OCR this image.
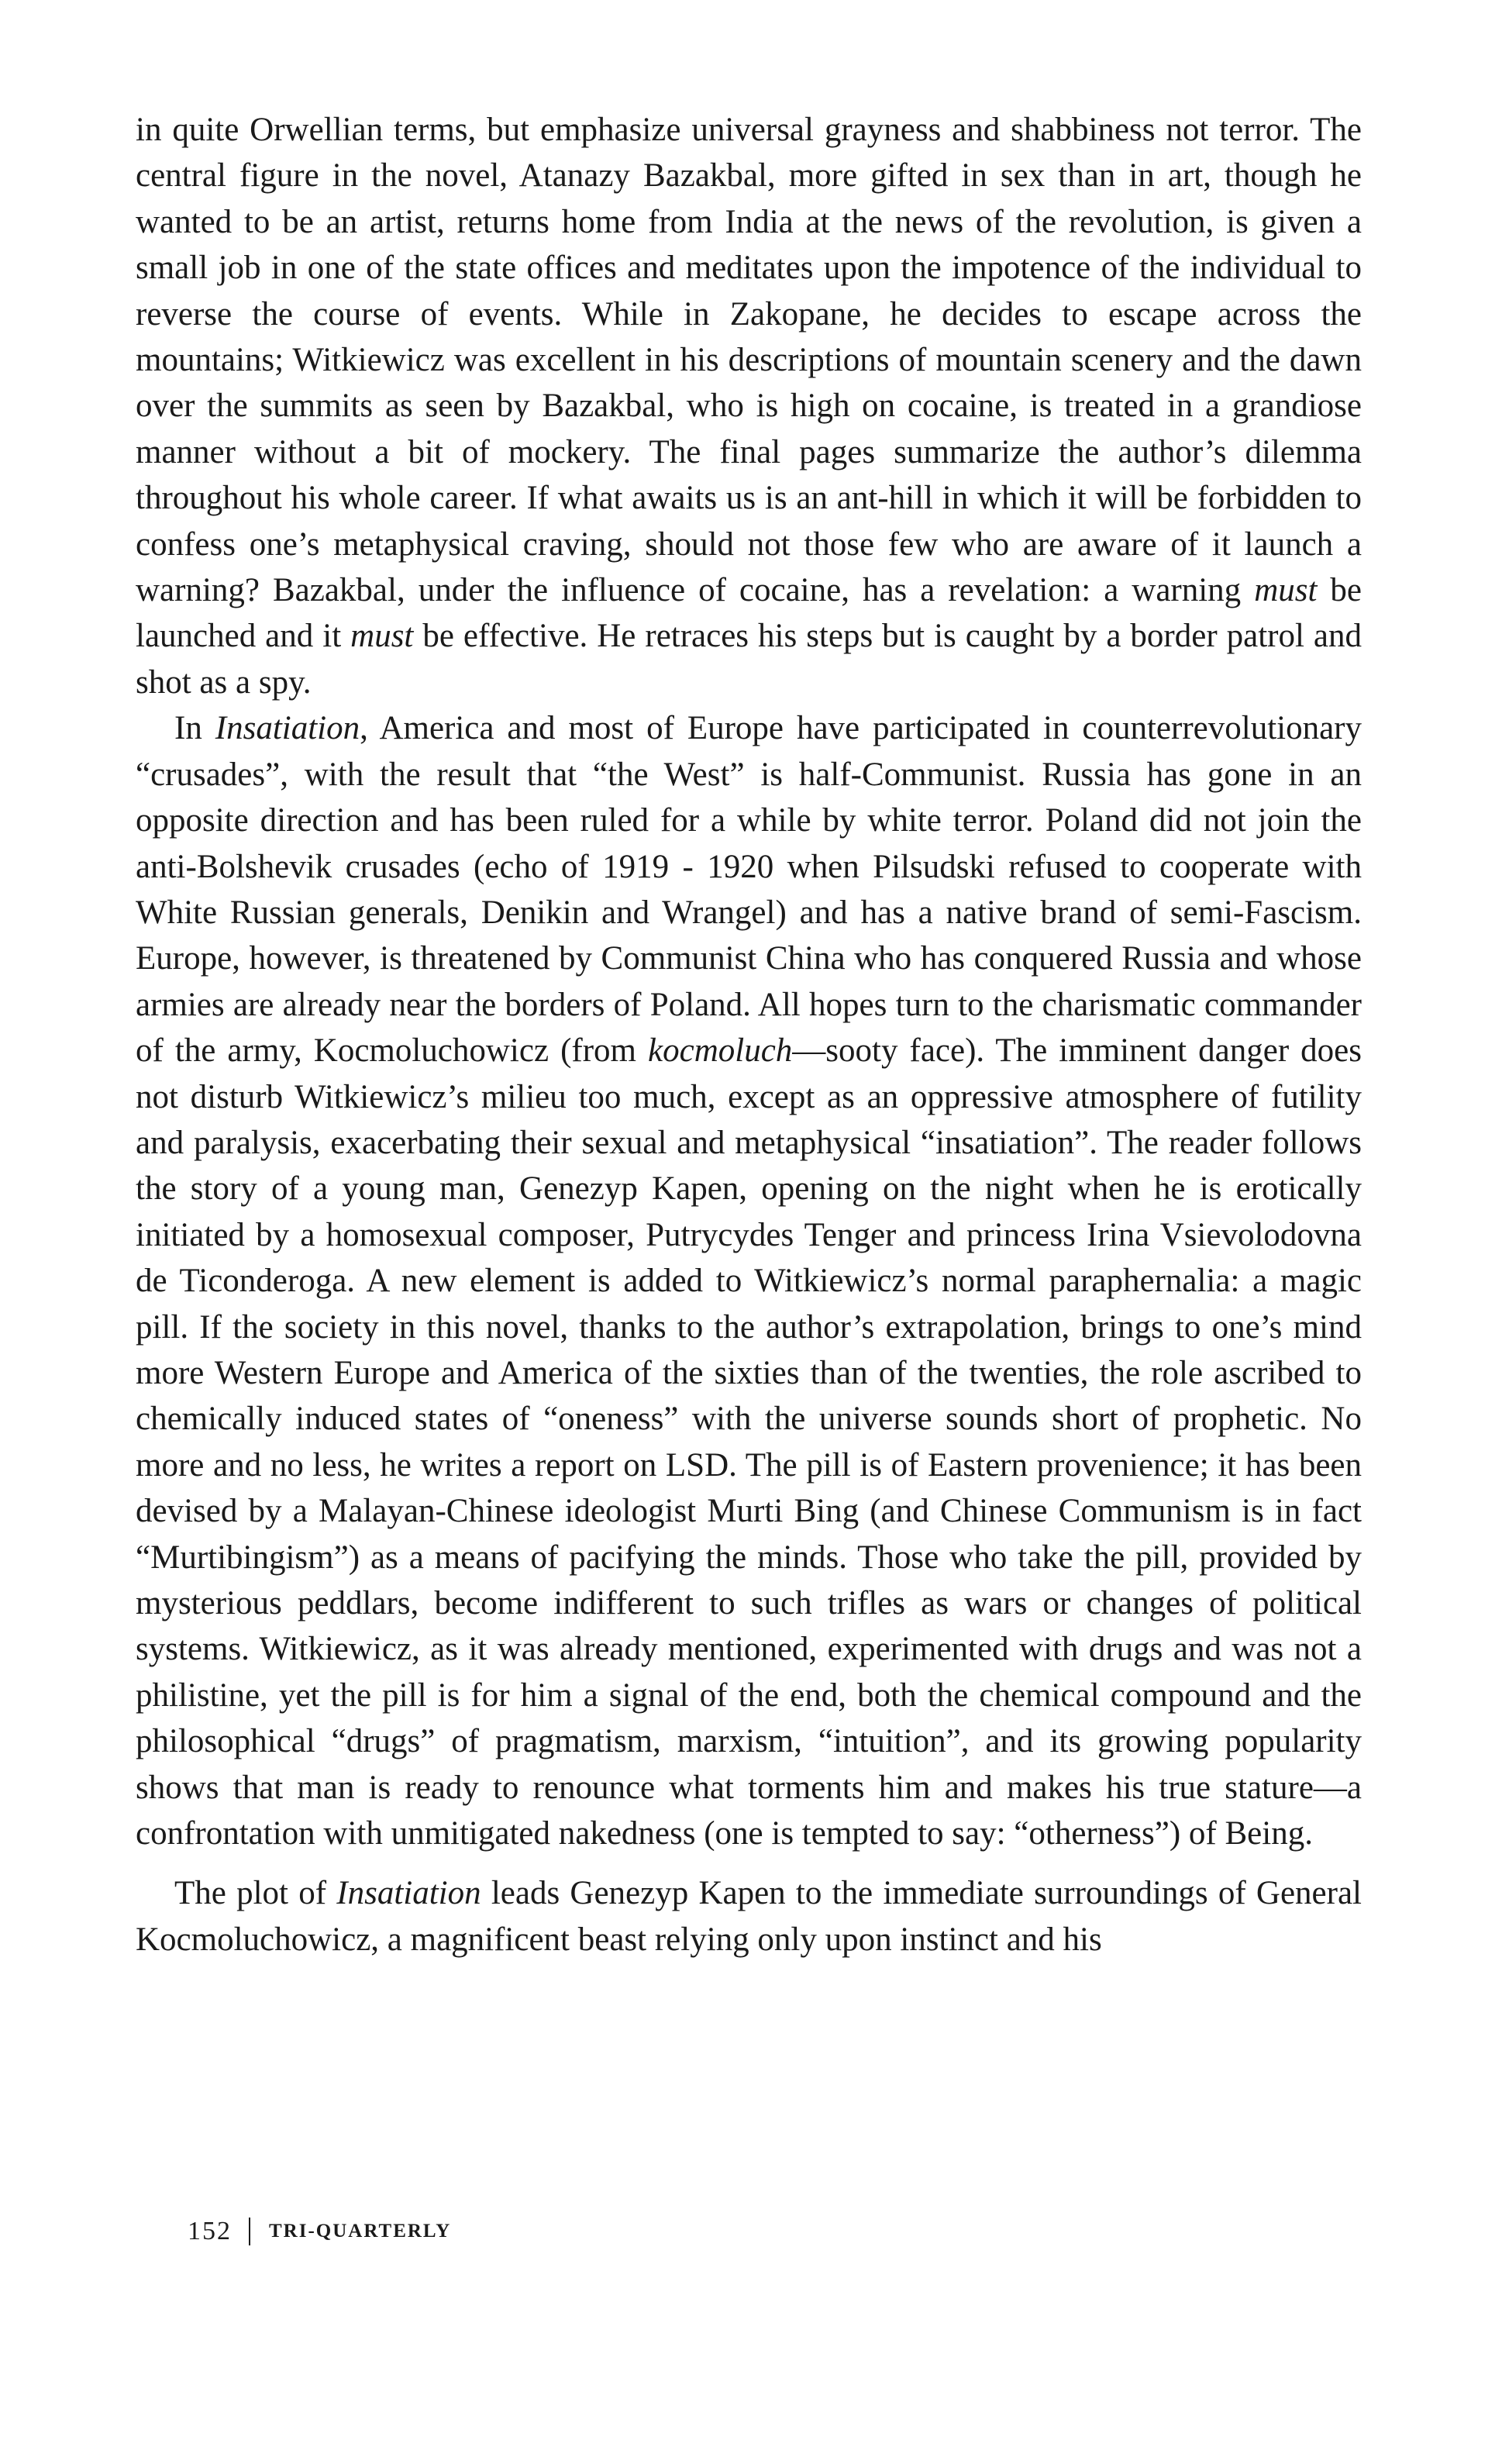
in quite Orwellian terms, but emphasize universal grayness and shabbiness not terror. The central figure in the novel, Atanazy Bazakbal, more gifted in sex than in art, though he wanted to be an artist, returns home from India at the news of the revolution, is given a small job in one of the state offices and meditates upon the impotence of the individual to reverse the course of events. While in Zakopane, he decides to escape across the mountains; Witkiewicz was excellent in his descriptions of mountain scenery and the dawn over the summits as seen by Bazakbal, who is high on cocaine, is treated in a grandiose manner without a bit of mockery. The final pages summarize the author’s dilemma throughout his whole career. If what awaits us is an ant-hill in which it will be forbidden to confess one’s metaphysical craving, should not those few who are aware of it launch a warning? Bazakbal, under the influence of cocaine, has a revelation: a warning must be launched and it must be effective. He retraces his steps but is caught by a border patrol and shot as a spy.

In Insatiation, America and most of Europe have participated in counterrevolutionary “crusades”, with the result that “the West” is half-Communist. Russia has gone in an opposite direction and has been ruled for a while by white terror. Poland did not join the anti-Bolshevik crusades (echo of 1919 - 1920 when Pilsudski refused to cooperate with White Russian generals, Denikin and Wrangel) and has a native brand of semi-Fascism. Europe, however, is threatened by Communist China who has conquered Russia and whose armies are already near the borders of Poland. All hopes turn to the charismatic commander of the army, Kocmoluchowicz (from kocmoluch—sooty face). The imminent danger does not disturb Witkiewicz’s milieu too much, except as an oppressive atmosphere of futility and paralysis, exacerbating their sexual and metaphysical “insatiation”. The reader follows the story of a young man, Genezyp Kapen, opening on the night when he is erotically initiated by a homosexual composer, Putrycydes Tenger and princess Irina Vsievolodovna de Ticonderoga. A new element is added to Witkiewicz’s normal paraphernalia: a magic pill. If the society in this novel, thanks to the author’s extrapolation, brings to one’s mind more Western Europe and America of the sixties than of the twenties, the role ascribed to chemically induced states of “oneness” with the universe sounds short of prophetic. No more and no less, he writes a report on LSD. The pill is of Eastern provenience; it has been devised by a Malayan-Chinese ideologist Murti Bing (and Chinese Communism is in fact “Murtibingism”) as a means of pacifying the minds. Those who take the pill, provided by mysterious peddlars, become indifferent to such trifles as wars or changes of political systems. Witkiewicz, as it was already mentioned, experimented with drugs and was not a philistine, yet the pill is for him a signal of the end, both the chemical compound and the philosophical “drugs” of pragmatism, marxism, “intuition”, and its growing popularity shows that man is ready to renounce what torments him and makes his true stature—a confrontation with unmitigated nakedness (one is tempted to say: “otherness”) of Being.

The plot of Insatiation leads Genezyp Kapen to the immediate surroundings of General Kocmoluchowicz, a magnificent beast relying only upon instinct and his

152 TRI-QUARTERLY
